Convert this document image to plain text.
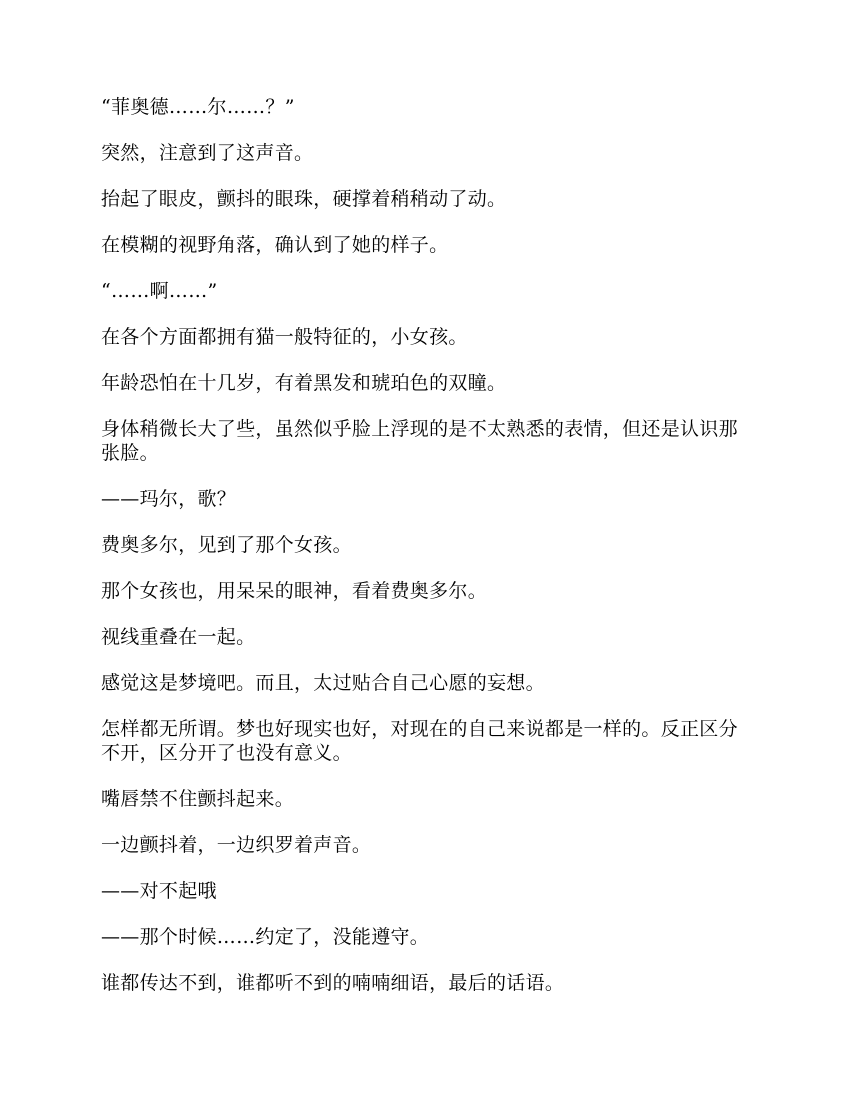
“菲奥德……尔……？”

突然，注意到了这声音。

抬起了眼皮，颤抖的眼珠，硬撑着稍稍动了动。

在模糊的视野角落，确认到了她的样子。

“……啊……”

在各个方面都拥有猫一般特征的，小女孩。

年龄恐怕在十几岁，有着黑发和琥珀色的双瞳。

身体稍微长大了些，虽然似乎脸上浮现的是不太熟悉的表情，但还是认识那张脸。

——玛尔，歌？

费奥多尔，见到了那个女孩。

那个女孩也，用呆呆的眼神，看着费奥多尔。

视线重叠在一起。

感觉这是梦境吧。而且，太过贴合自己心愿的妄想。

怎样都无所谓。梦也好现实也好，对现在的自己来说都是一样的。反正区分不开，区分开了也没有意义。

嘴唇禁不住颤抖起来。

一边颤抖着，一边织罗着声音。

——对不起哦

——那个时候……约定了，没能遵守。

谁都传达不到，谁都听不到的喃喃细语，最后的话语。
